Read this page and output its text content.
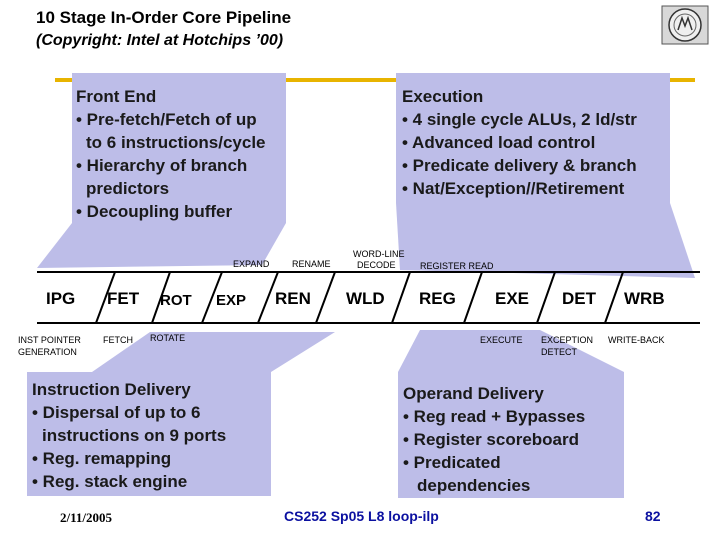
10 Stage In-Order Core Pipeline
(Copyright: Intel at Hotchips ’00)
Front End
• Pre-fetch/Fetch of up
to 6 instructions/cycle
• Hierarchy of branch
predictors
• Decoupling buffer
Execution
• 4 single cycle ALUs, 2 ld/str
• Advanced load control
• Predicate delivery & branch
• Nat/Exception//Retirement
EXPAND	RENAME
WORD-LINE
DECODE	REGISTER READ
IPG FET ROT EXP REN WLD REG EXE DET WRB
INST POINTER
GENERATION
FETCH ROTATE	EXECUTE EXCEPTION
DETECT
WRITE-BACK
Instruction Delivery
• Dispersal of up to 6
instructions on 9 ports
• Reg. remapping
• Reg. stack engine
Operand Delivery
• Reg read + Bypasses
• Register scoreboard
• Predicated
dependencies
2/11/2005	CS252 Sp05 L8 loop-ilp	82
